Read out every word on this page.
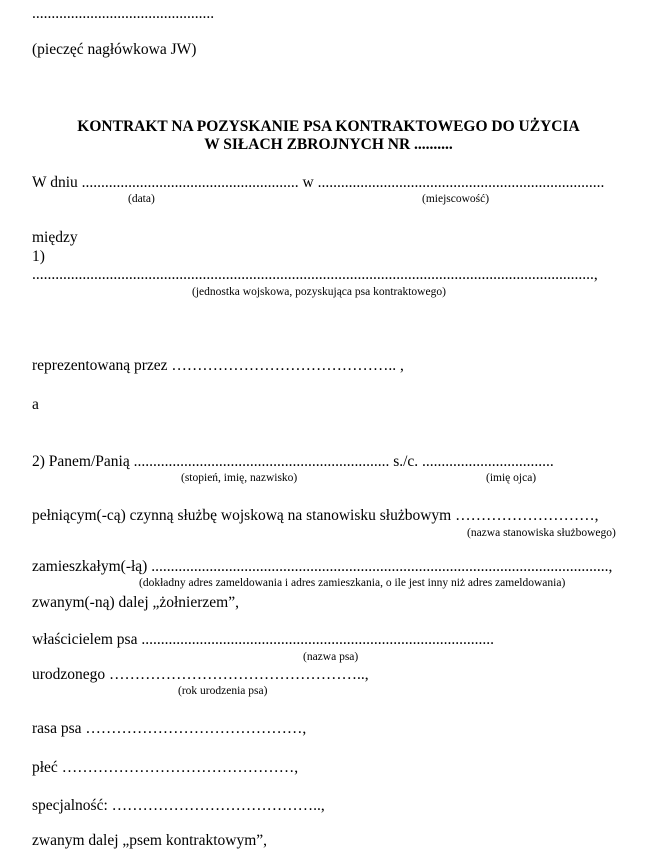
...............................................
(pieczęć nagłówkowa JW)
KONTRAKT NA POZYSKANIE PSA KONTRAKTOWEGO DO UŻYCIA
W SIŁACH ZBROJNYCH NR ..........
W dniu ........................................................ w ..........................................................................
(data)	(miejscowość)
między
1)
.................................................................................................................................................,
(jednostka wojskowa, pozyskująca psa kontraktowego)
reprezentowaną przez …………………………………….. ,
a
2) Panem/Panią .................................................................. s./c. ..................................
(stopień, imię, nazwisko)	(imię ojca)
pełniącym(-cą) czynną służbę wojskową na stanowisku służbowym ………………………,
(nazwa stanowiska służbowego)
zamieszkałym(-łą) ......................................................................................................................,
(dokładny adres zameldowania i adres zamieszkania, o ile jest inny niż adres zameldowania)
zwanym(-ną) dalej „żołnierzem”,
właścicielem psa ...........................................................................................
(nazwa psa)
urodzonego …………………………………………..,
(rok urodzenia psa)
rasa psa ……………………………………,
płeć ………………………………………,
specjalność: …………………………………..,
zwanym dalej „psem kontraktowym”,
